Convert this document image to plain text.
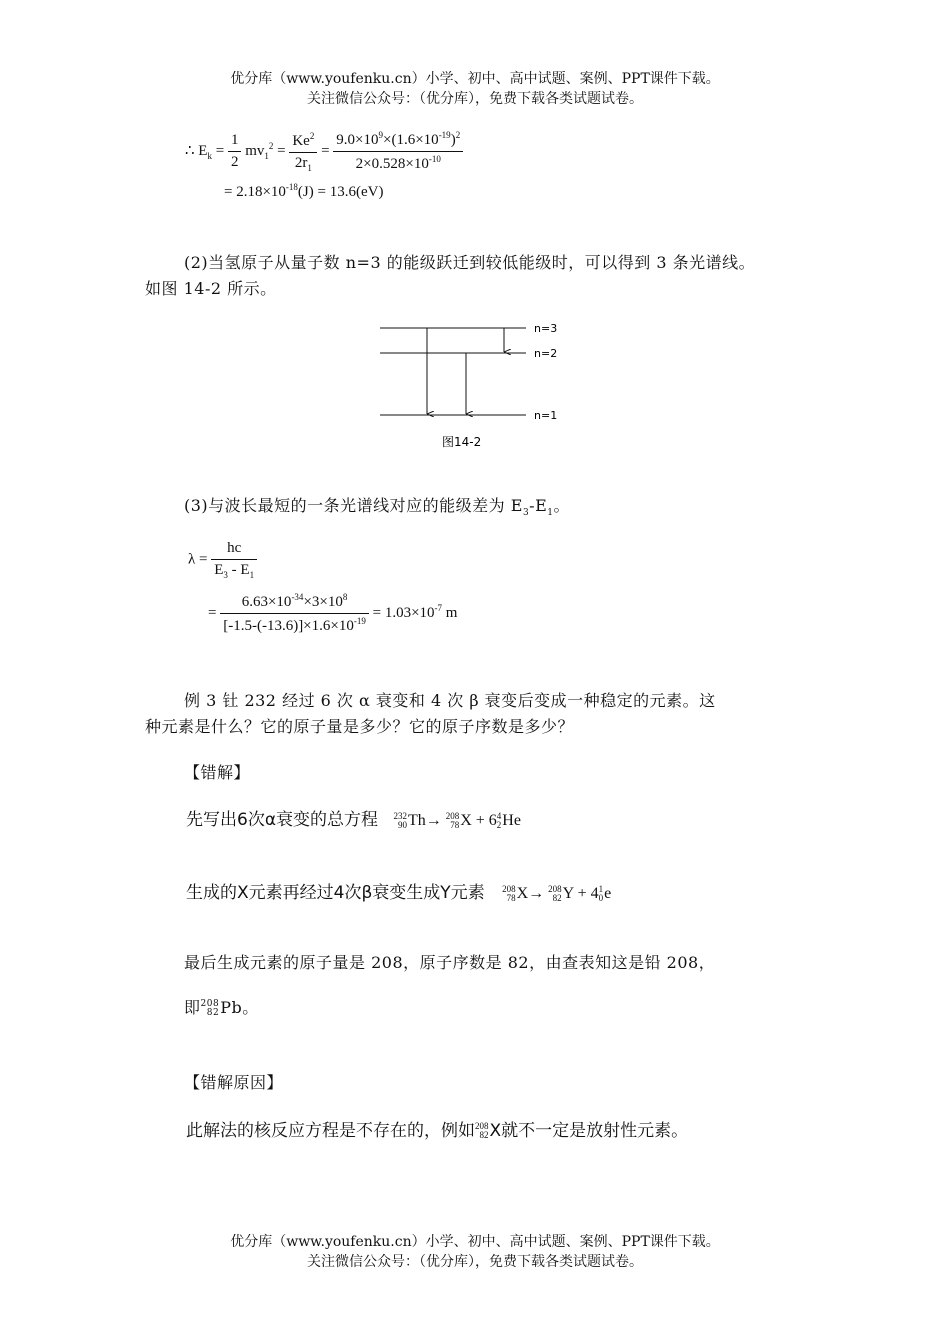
优分库（www.youfenku.cn）小学、初中、高中试题、案例、PPT课件下载。
关注微信公众号：（优分库），免费下载各类试题试卷。
∴ $E_k = \frac{1}{2} mv_1^2 = \frac{Ke^2}{2r_1} = \frac{9.0\times 10^9\times(1.6\times 10^{-19})^2}{2\times 0.528\times 10^{-10}}$
= $2.18\times 10^{-18}(J) = 13.6(eV)$
(2)当氢原子从量子数 n=3 的能级跃迁到较低能级时，可以得到 3 条光谱线。
如图 14-2 所示。
n=3
n=2
n=1
图14-2
(3)与波长最短的一条光谱线对应的能级差为 $E_3-E_1$。
$\lambda = \frac{hc}{E_3 - E_1}$
= $\frac{6.63\times 10^{-34}\times 3\times 10^8}{[-1.5-(-13.6)]\times 1.6\times 10^{-19}} = 1.03\times 10^{-7}$ m
例 3 钍 232 经过 6 次 α 衰变和 4 次 β 衰变后变成一种稳定的元素。这
种元素是什么？它的原子量是多少？它的原子序数是多少？
【错解】
先写出6次α衰变的总方程 232
90 Th→ 208
78 X + 6 4
2 He
生成的X元素再经过4次β衰变生成Y元素 208
78 X→ 208
82 Y + 4 1
0 e
最后生成元素的原子量是 208，原子序数是 82，由查表知这是铅 208，
即 208
82 Pb。
【错解原因】
此解法的核反应方程是不存在的，例如 208
82 X就不一定是放射性元素。
优分库（www.youfenku.cn）小学、初中、高中试题、案例、PPT课件下载。
关注微信公众号：（优分库），免费下载各类试题试卷。
